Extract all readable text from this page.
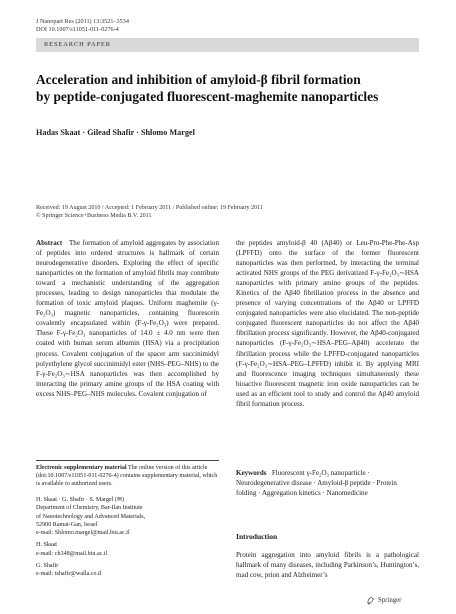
J Nanopart Res (2011) 13:3521–3534
DOI 10.1007/s11051-011-0276-4
RESEARCH PAPER
Acceleration and inhibition of amyloid-β fibril formation
by peptide-conjugated fluorescent-maghemite nanoparticles
Hadas Skaat · Gilead Shafir · Shlomo Margel
Received: 19 August 2010 / Accepted: 1 February 2011 / Published online: 19 February 2011
© Springer Science+Business Media B.V. 2011

Abstract The formation of amyloid aggregates by association of peptides into ordered structures is hallmark of certain neurodegenerative disorders. Exploring the effect of specific nanoparticles on the formation of amyloid fibrils may contribute toward a mechanistic understanding of the aggregation processes, leading to design nanoparticles that modulate the formation of toxic amyloid plaques. Uniform maghemite (γ-Fe₂O₃) magnetic nanoparticles, containing fluorescein covalently encapsulated within (F-γ-Fe₂O₃) were prepared. These F-γ-Fe₂O₃ nanoparticles of 14.0 ± 4.0 nm were then coated with human serum albumin (HSA) via a precipitation process. Covalent conjugation of the spacer arm succinimidyl polyethylene glycol succinimidyl ester (NHS–PEG–NHS) to the F-γ-Fe₂O₃∼HSA nanoparticles was then accomplished by interacting the primary amine groups of the HSA coating with excess NHS–PEG–NHS molecules. Covalent conjugation of

the peptides amyloid-β 40 (Aβ40) or Leu-Pro-Phe-Phe-Asp (LPFFD) onto the surface of the former fluorescent nanoparticles was then performed, by interacting the terminal activated NHS groups of the PEG derivatized F-γ-Fe₂O₃∼HSA nanoparticles with primary amino groups of the peptides. Kinetics of the Aβ40 fibrillation process in the absence and presence of varying concentrations of the Aβ40 or LPFFD conjugated nanoparticles were also elucidated. The non-peptide conjugated fluorescent nanoparticles do not affect the Aβ40 fibrillation process significantly. However, the Aβ40-conjugated nanoparticles (F-γ-Fe₂O₃∼HSA–PEG–Aβ40) accelerate the fibrillation process while the LPFFD-conjugated nanoparticles (F-γ-Fe₂O₃∼HSA–PEG–LPFFD) inhibit it. By applying MRI and fluorescence imaging techniques simultaneously these bioactive fluorescent magnetic iron oxide nanoparticles can be used as an efficient tool to study and control the Aβ40 amyloid fibril formation process.

Electronic supplementary material The online version of this article (doi:10.1007/s11051-011-0276-4) contains supplementary material, which is available to authorized users.
H. Skaat · G. Shafir · S. Margel (✉)
Department of Chemistry, Bar-Ilan Institute
of Nanotechnology and Advanced Materials,
52900 Ramat-Gan, Israel
e-mail: Shlomo.margel@mail.biu.ac.il
H. Skaat
e-mail: ch348@mail.biu.ac.il
G. Shafir
e-mail: tshafir@walla.co.il
Keywords Fluorescent γ-Fe₂O₃ nanoparticle · Neurodegenerative disease · Amyloid-β peptide · Protein folding · Aggregation kinetics · Nanomedicine
Introduction
Protein aggregation into amyloid fibrils is a pathological hallmark of many diseases, including Parkinson’s, Huntington’s, mad cow, prion and Alzheimer’s
Springer
